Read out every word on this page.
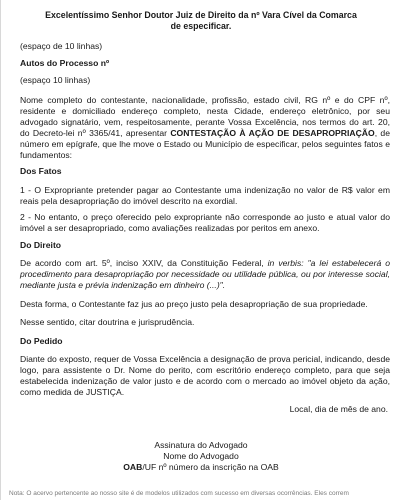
Excelentíssimo Senhor Doutor Juiz de Direito da nº Vara Cível da Comarca
de especificar.
(espaço de 10 linhas)
Autos do Processo nº
(espaço 10 linhas)
Nome completo do contestante, nacionalidade, profissão, estado civil, RG nº e do CPF nº, residente e domiciliado endereço completo, nesta Cidade, endereço eletrônico, por seu advogado signatário, vem, respeitosamente, perante Vossa Excelência, nos termos do art. 20, do Decreto-lei nº 3365/41, apresentar CONTESTAÇÃO À AÇÃO DE DESAPROPRIAÇÃO, de número em epígrafe, que lhe move o Estado ou Município de especificar, pelos seguintes fatos e fundamentos:
Dos Fatos
1 - O Expropriante pretender pagar ao Contestante uma indenização no valor de R$ valor em reais pela desapropriação do imóvel descrito na exordial.
2 - No entanto, o preço oferecido pelo expropriante não corresponde ao justo e atual valor do imóvel a ser desapropriado, como avaliações realizadas por peritos em anexo.
Do Direito
De acordo com art. 5º, inciso XXIV, da Constituição Federal, in verbis: "a lei estabelecerá o procedimento para desapropriação por necessidade ou utilidade pública, ou por interesse social, mediante justa e prévia indenização em dinheiro (...)".
Desta forma, o Contestante faz jus ao preço justo pela desapropriação de sua propriedade.
Nesse sentido, citar doutrina e jurisprudência.
Do Pedido
Diante do exposto, requer de Vossa Excelência a designação de prova pericial, indicando, desde logo, para assistente o Dr. Nome do perito, com escritório endereço completo, para que seja estabelecida indenização de valor justo e de acordo com o mercado ao imóvel objeto da ação, como medida de JUSTIÇA.
Local, dia de mês de ano.
Assinatura do Advogado
Nome do Advogado
OAB/UF nº número da inscrição na OAB
Nota: O acervo pertencente ao nosso site é de modelos utilizados com sucesso em diversas ocorrências. Eles correm
